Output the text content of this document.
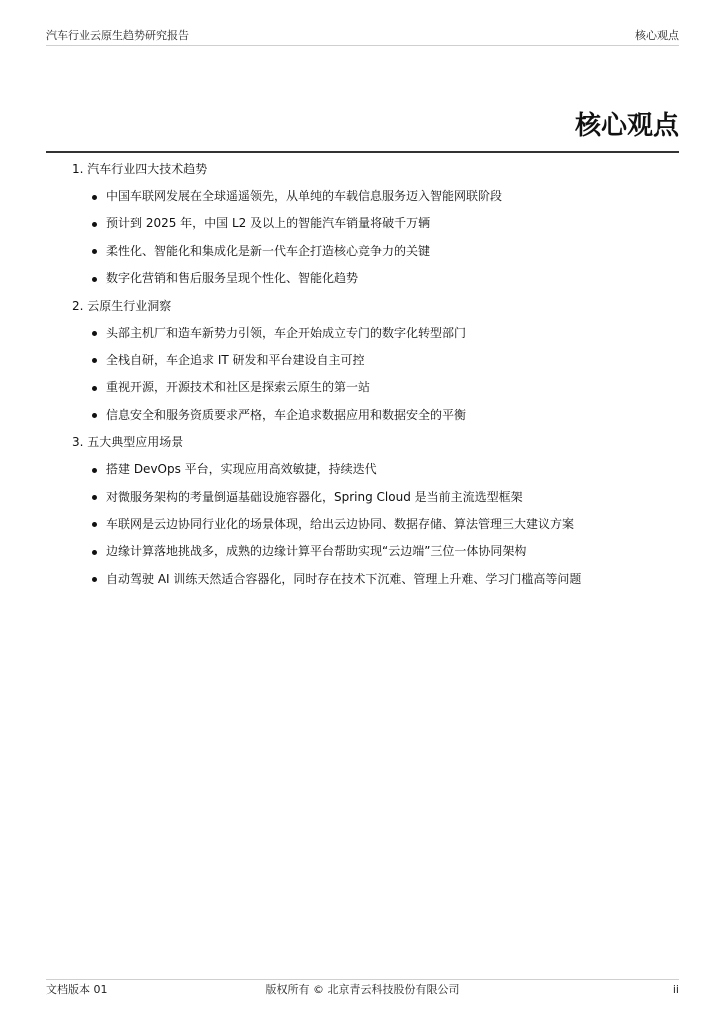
汽车行业云原生趋势研究报告	核心观点
核心观点
1. 汽车行业四大技术趋势
中国车联网发展在全球遥遥领先，从单纯的车载信息服务迈入智能网联阶段
预计到 2025 年，中国 L2 及以上的智能汽车销量将破千万辆
柔性化、智能化和集成化是新一代车企打造核心竞争力的关键
数字化营销和售后服务呈现个性化、智能化趋势
2. 云原生行业洞察
头部主机厂和造车新势力引领，车企开始成立专门的数字化转型部门
全栈自研，车企追求 IT 研发和平台建设自主可控
重视开源，开源技术和社区是探索云原生的第一站
信息安全和服务资质要求严格，车企追求数据应用和数据安全的平衡
3. 五大典型应用场景
搭建 DevOps 平台，实现应用高效敏捷，持续迭代
对微服务架构的考量倒逼基础设施容器化，Spring Cloud 是当前主流选型框架
车联网是云边协同行业化的场景体现，给出云边协同、数据存储、算法管理三大建议方案
边缘计算落地挑战多，成熟的边缘计算平台帮助实现“云边端”三位一体协同架构
自动驾驶 AI 训练天然适合容器化，同时存在技术下沉难、管理上升难、学习门槛高等问题
文档版本 01	版权所有 © 北京青云科技股份有限公司	ii
